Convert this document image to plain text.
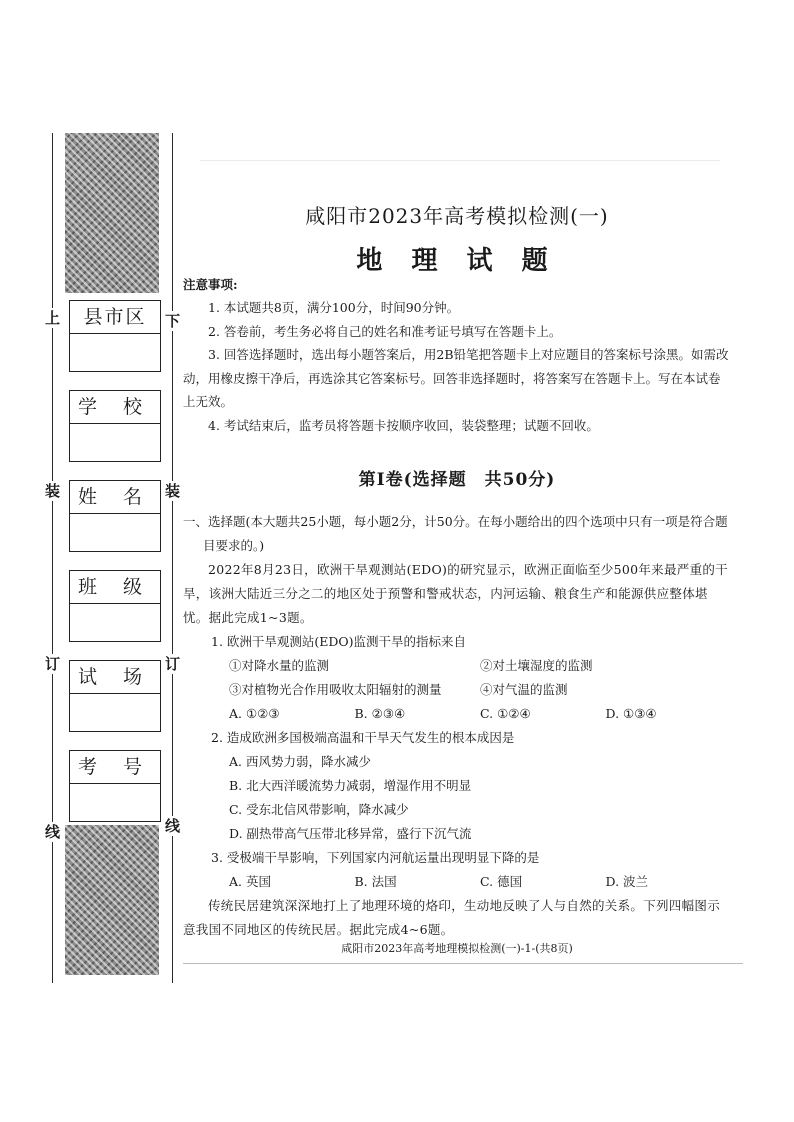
上
装
订
线
下
装
订
线
县市区
学 校
姓 名
班 级
试 场
考 号
咸阳市2023年高考模拟检测(一)
地 理 试 题
注意事项:
1. 本试题共8页，满分100分，时间90分钟。
2. 答卷前，考生务必将自己的姓名和准考证号填写在答题卡上。
3. 回答选择题时，选出每小题答案后，用2B铅笔把答题卡上对应题目的答案标号涂黑。如需改动，用橡皮擦干净后，再选涂其它答案标号。回答非选择题时，将答案写在答题卡上。写在本试卷上无效。
4. 考试结束后，监考员将答题卡按顺序收回，装袋整理；试题不回收。
第Ⅰ卷(选择题　共50分)
一、选择题(本大题共25小题，每小题2分，计50分。在每小题给出的四个选项中只有一项是符合题目要求的。)
2022年8月23日，欧洲干旱观测站(EDO)的研究显示，欧洲正面临至少500年来最严重的干旱，该洲大陆近三分之二的地区处于预警和警戒状态，内河运输、粮食生产和能源供应整体堪忧。据此完成1~3题。
1. 欧洲干旱观测站(EDO)监测干旱的指标来自
①对降水量的监测	②对土壤湿度的监测
③对植物光合作用吸收太阳辐射的测量	④对气温的监测
A. ①②③	B. ②③④	C. ①②④	D. ①③④
2. 造成欧洲多国极端高温和干旱天气发生的根本成因是
A. 西风势力弱，降水减少
B. 北大西洋暖流势力减弱，增湿作用不明显
C. 受东北信风带影响，降水减少
D. 副热带高气压带北移异常，盛行下沉气流
3. 受极端干旱影响，下列国家内河航运量出现明显下降的是
A. 英国	B. 法国	C. 德国	D. 波兰
传统民居建筑深深地打上了地理环境的烙印，生动地反映了人与自然的关系。下列四幅图示意我国不同地区的传统民居。据此完成4~6题。
咸阳市2023年高考地理模拟检测(一)-1-(共8页)
